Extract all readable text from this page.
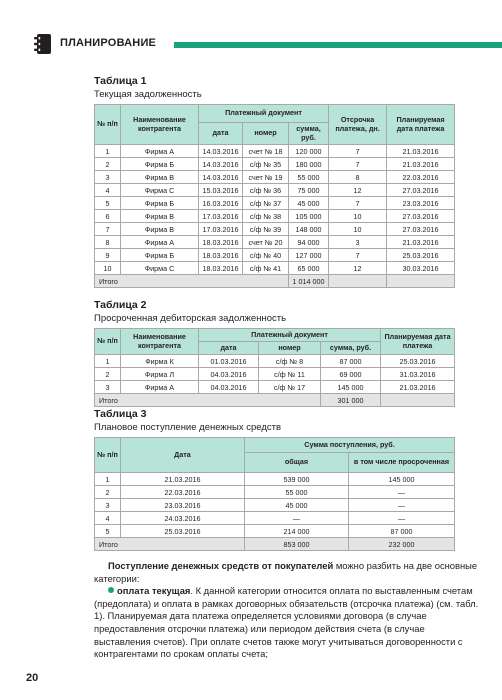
ПЛАНИРОВАНИЕ
Таблица 1
Текущая задолженность
№ п/п	Наименование контрагента	Платежный документ			Отсрочка платежа, дн.	Планируемая дата платежа
		дата	номер	сумма, руб.		
1	Фирма А	14.03.2016	счет № 18	120 000	7	21.03.2016
2	Фирма Б	14.03.2016	с/ф № 35	180 000	7	21.03.2016
3	Фирма В	14.03.2016	счет № 19	55 000	8	22.03.2016
4	Фирма С	15.03.2016	с/ф № 36	75 000	12	27.03.2016
5	Фирма Б	16.03.2016	с/ф № 37	45 000	7	23.03.2016
6	Фирма В	17.03.2016	с/ф № 38	105 000	10	27.03.2016
7	Фирма В	17.03.2016	с/ф № 39	148 000	10	27.03.2016
8	Фирма А	18.03.2016	счет № 20	94 000	3	21.03.2016
9	Фирма Б	18.03.2016	с/ф № 40	127 000	7	25.03.2016
10	Фирма С	18.03.2016	с/ф № 41	65 000	12	30.03.2016
Итого				1 014 000		
Таблица 2
Просроченная дебиторская задолженность
№ п/п	Наименование контрагента	Платежный документ			Планируемая дата платежа
		дата	номер	сумма, руб.	
1	Фирма К	01.03.2016	с/ф № 8	87 000	25.03.2016
2	Фирма Л	04.03.2016	с/ф № 11	69 000	31.03.2016
3	Фирма А	04.03.2016	с/ф № 17	145 000	21.03.2016
Итого				301 000	
Таблица 3
Плановое поступление денежных средств
№ п/п	Дата	Сумма поступления, руб.	
		общая	в том числе просроченная
1	21.03.2016	539 000	145 000
2	22.03.2016	55 000	—
3	23.03.2016	45 000	—
4	24.03.2016	—	—
5	25.03.2016	214 000	87 000
Итого		853 000	232 000

Поступление денежных средств от покупателей можно разбить на две основные категории:

оплата текущая. К данной категории относится оплата по выставленным счетам (предоплата) и оплата в рамках договорных обязательств (отсрочка платежа) (см. табл. 1). Планируемая дата платежа определяется условиями договора (в случае предоставления отсрочки платежа) или периодом действия счета (в случае выставления счетов). При оплате счетов также могут учитываться договоренности с контрагентами по срокам оплаты счета;

20
